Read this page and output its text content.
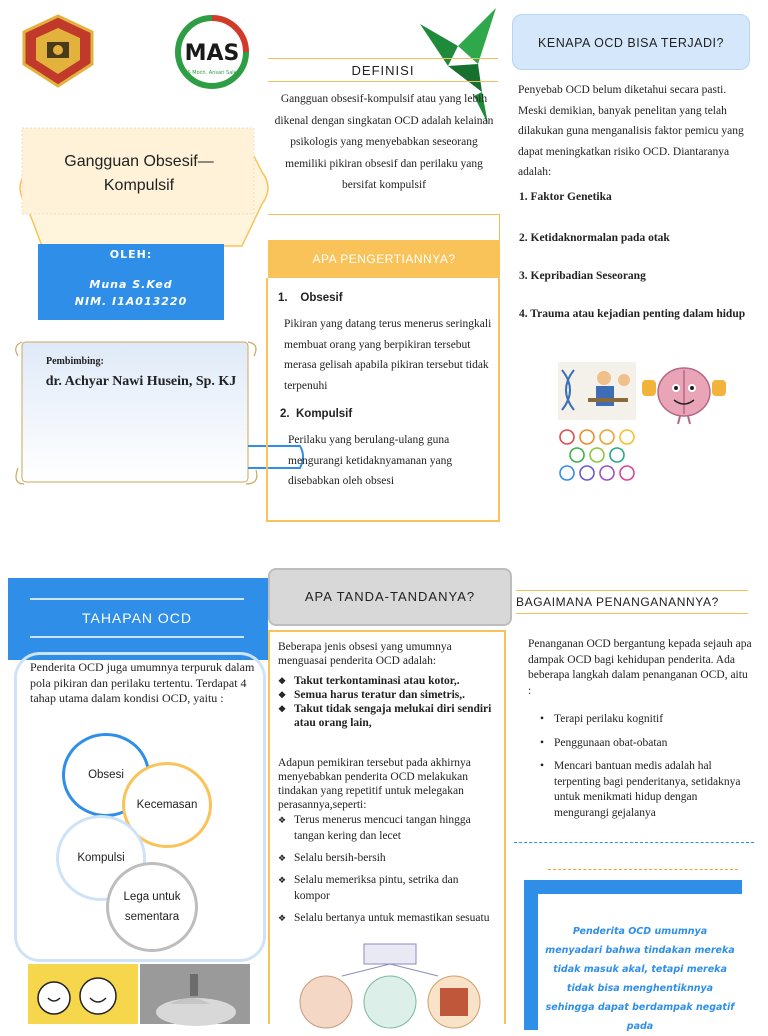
MAS
RS Moch. Ansari Saleh
Gangguan Obsesif—Kompulsif
OLEH:
Muna S.Ked
NIM. I1A013220
Pembimbing:
dr. Achyar Nawi Husein, Sp. KJ
DEFINISI
Gangguan obsesif-kompulsif atau yang lebih dikenal dengan singkatan OCD adalah kelainan psikologis yang menyebabkan seseorang memiliki pikiran obsesif dan perilaku yang bersifat kompulsif
APA PENGERTIANNYA?
1. Obsesif
Pikiran yang datang terus menerus seringkali membuat orang yang berpikiran tersebut merasa gelisah apabila pikiran tersebut tidak terpenuhi
2. Kompulsif
Perilaku yang berulang-ulang guna mengurangi ketidaknyamanan yang disebabkan oleh obsesi
KENAPA OCD BISA TERJADI?
Penyebab OCD belum diketahui secara pasti. Meski demikian, banyak penelitan yang telah dilakukan guna menganalisis faktor pemicu yang dapat meningkatkan risiko OCD. Diantaranya adalah:
1. Faktor Genetika
2. Ketidaknormalan pada otak
3. Kepribadian Seseorang
4. Trauma atau kejadian penting dalam hidup
TAHAPAN OCD
Penderita OCD juga umumnya terpuruk dalam pola pikiran dan perilaku tertentu. Terdapat 4 tahap utama dalam kondisi OCD, yaitu :
Obsesi
Kecemasan
Kompulsi
Lega untuk sementara
APA TANDA-TANDANYA?
Beberapa jenis obsesi yang umumnya menguasai penderita OCD adalah:
❖ Takut terkontaminasi atau kotor,.
❖ Semua harus teratur dan simetris,.
❖ Takut tidak sengaja melukai diri sendiri atau orang lain,
Adapun pemikiran tersebut pada akhirnya menyebabkan penderita OCD melakukan tindakan yang repetitif untuk melegakan perasannya,seperti:
❖ Terus menerus mencuci tangan hingga tangan kering dan lecet
❖ Selalu bersih-bersih
❖ Selalu memeriksa pintu, setrika dan kompor
❖ Selalu bertanya untuk memastikan sesuatu
BAGAIMANA PENANGANANNYA?
Penanganan OCD bergantung kepada sejauh apa dampak OCD bagi kehidupan penderita. Ada beberapa langkah dalam penanganan OCD, aitu :
• Terapi perilaku kognitif
• Penggunaan obat-obatan
• Mencari bantuan medis adalah hal terpenting bagi penderitanya, setidaknya untuk menikmati hidup dengan mengurangi gejalanya
Penderita OCD umumnya menyadari bahwa tindakan mereka tidak masuk akal, tetapi mereka tidak bisa menghentiknnya sehingga dapat berdampak negatif pada
